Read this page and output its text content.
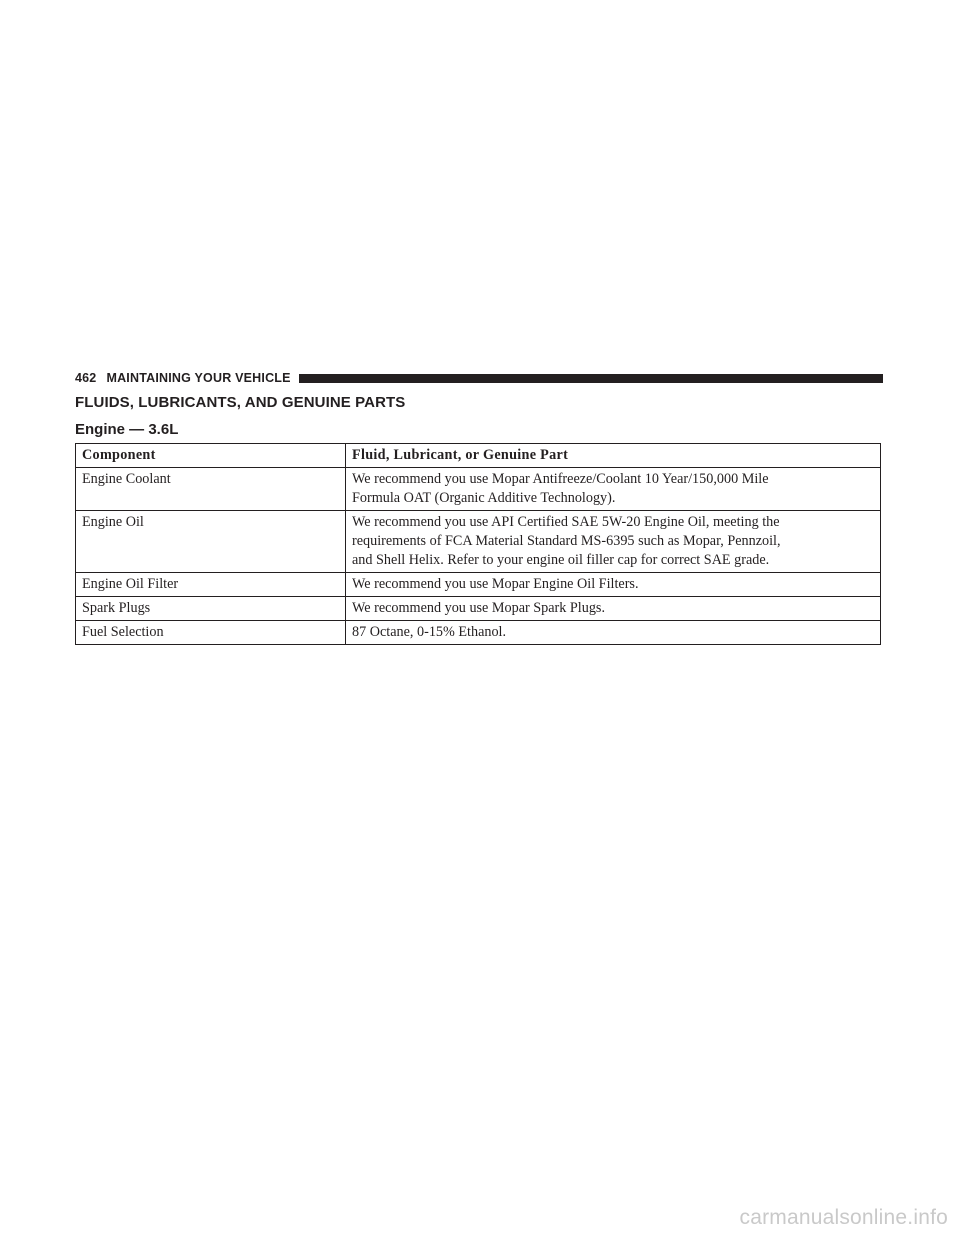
462 MAINTAINING YOUR VEHICLE
FLUIDS, LUBRICANTS, AND GENUINE PARTS
Engine — 3.6L
Component	Fluid, Lubricant, or Genuine Part
Engine Coolant	We recommend you use Mopar Antifreeze/Coolant 10 Year/150,000 Mile
Formula OAT (Organic Additive Technology).

Engine Oil	We recommend you use API Certified SAE 5W-20 Engine Oil, meeting the
requirements of FCA Material Standard MS-6395 such as Mopar, Pennzoil,
and Shell Helix. Refer to your engine oil filler cap for correct SAE grade.

Engine Oil Filter	We recommend you use Mopar Engine Oil Filters.

Spark Plugs	We recommend you use Mopar Spark Plugs.

Fuel Selection	87 Octane, 0-15% Ethanol.
carmanualsonline.info
